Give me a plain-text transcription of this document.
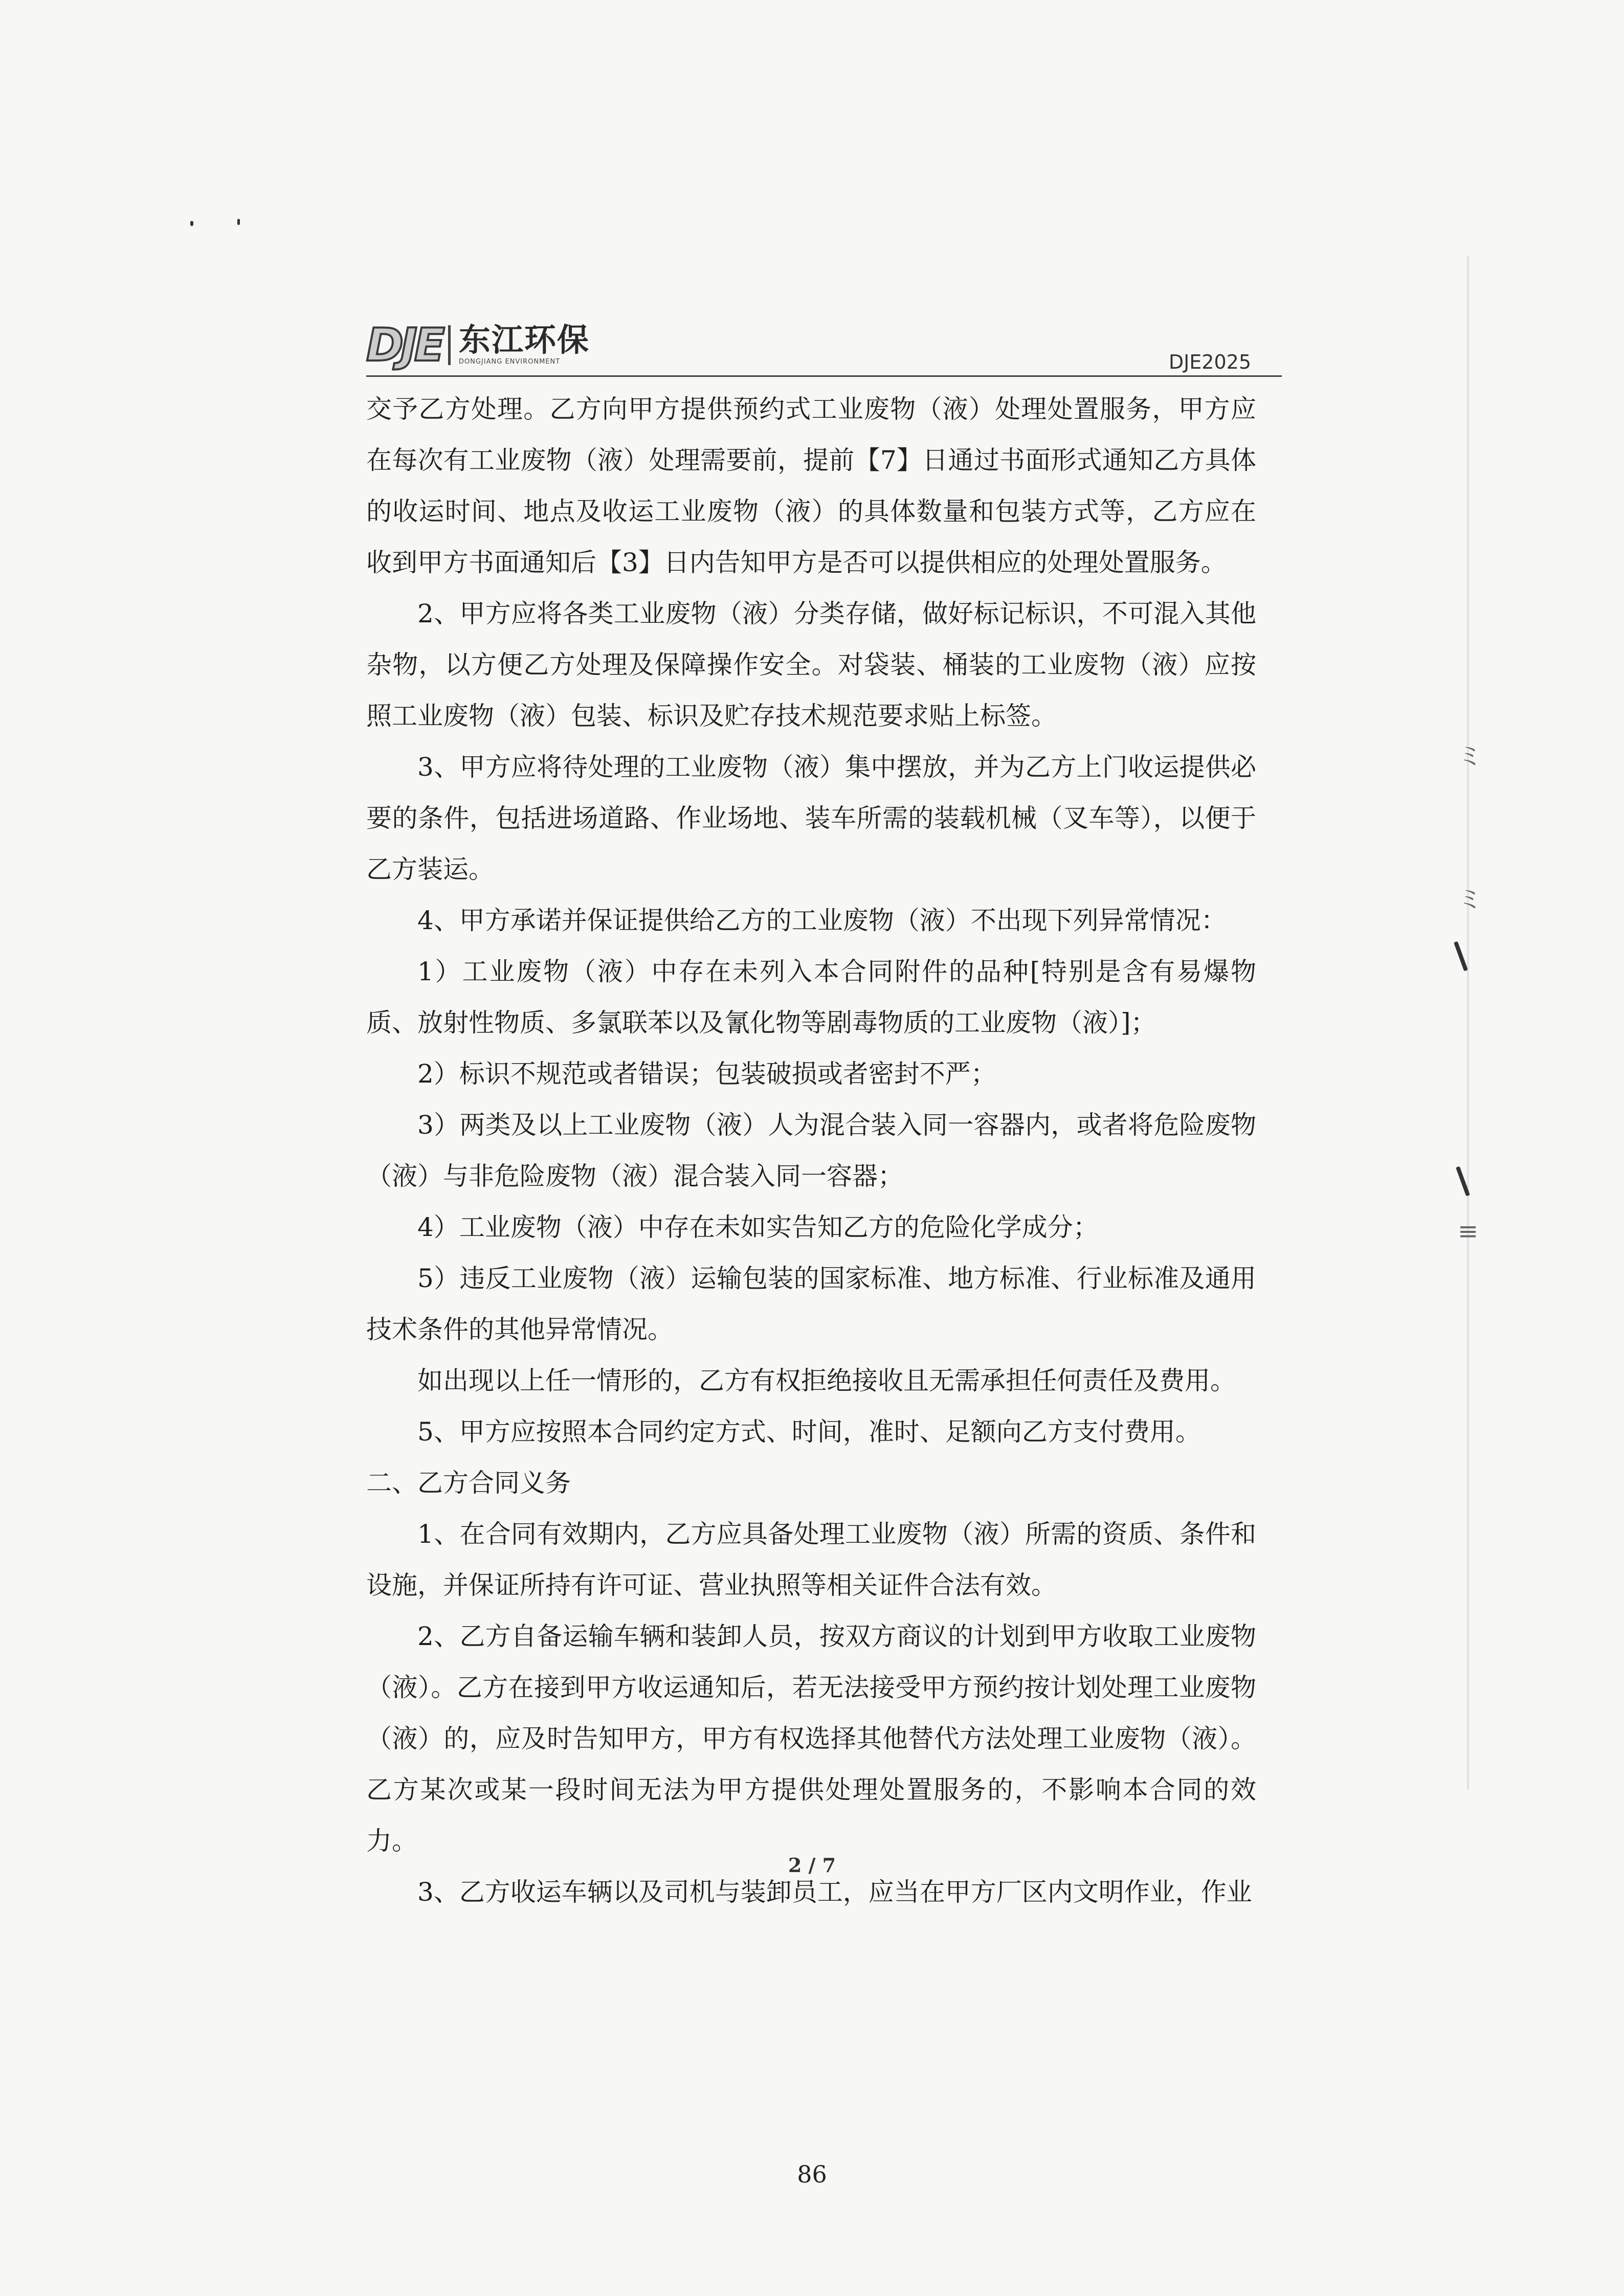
ミ
ミ
≡
DJE 东江环保
DONGJIANG ENVIRONMENT	DJE2025

交予乙方处理。乙方向甲方提供预约式工业废物（液）处理处置服务，甲方应在每次有工业废物（液）处理需要前，提前【7】日通过书面形式通知乙方具体的收运时间、地点及收运工业废物（液）的具体数量和包装方式等，乙方应在收到甲方书面通知后【3】日内告知甲方是否可以提供相应的处理处置服务。

2、甲方应将各类工业废物（液）分类存储，做好标记标识，不可混入其他杂物，以方便乙方处理及保障操作安全。对袋装、桶装的工业废物（液）应按照工业废物（液）包装、标识及贮存技术规范要求贴上标签。

3、甲方应将待处理的工业废物（液）集中摆放，并为乙方上门收运提供必要的条件，包括进场道路、作业场地、装车所需的装载机械（叉车等），以便于乙方装运。

4、甲方承诺并保证提供给乙方的工业废物（液）不出现下列异常情况：

1）工业废物（液）中存在未列入本合同附件的品种[特别是含有易爆物质、放射性物质、多氯联苯以及氰化物等剧毒物质的工业废物（液）]；

2）标识不规范或者错误；包装破损或者密封不严；

3）两类及以上工业废物（液）人为混合装入同一容器内，或者将危险废物（液）与非危险废物（液）混合装入同一容器；

4）工业废物（液）中存在未如实告知乙方的危险化学成分；

5）违反工业废物（液）运输包装的国家标准、地方标准、行业标准及通用技术条件的其他异常情况。

如出现以上任一情形的，乙方有权拒绝接收且无需承担任何责任及费用。

5、甲方应按照本合同约定方式、时间，准时、足额向乙方支付费用。

二、乙方合同义务

1、在合同有效期内，乙方应具备处理工业废物（液）所需的资质、条件和设施，并保证所持有许可证、营业执照等相关证件合法有效。

2、乙方自备运输车辆和装卸人员，按双方商议的计划到甲方收取工业废物（液）。乙方在接到甲方收运通知后，若无法接受甲方预约按计划处理工业废物（液）的，应及时告知甲方，甲方有权选择其他替代方法处理工业废物（液）。乙方某次或某一段时间无法为甲方提供处理处置服务的，不影响本合同的效力。

3、乙方收运车辆以及司机与装卸员工，应当在甲方厂区内文明作业，作业

2 / 7
86
